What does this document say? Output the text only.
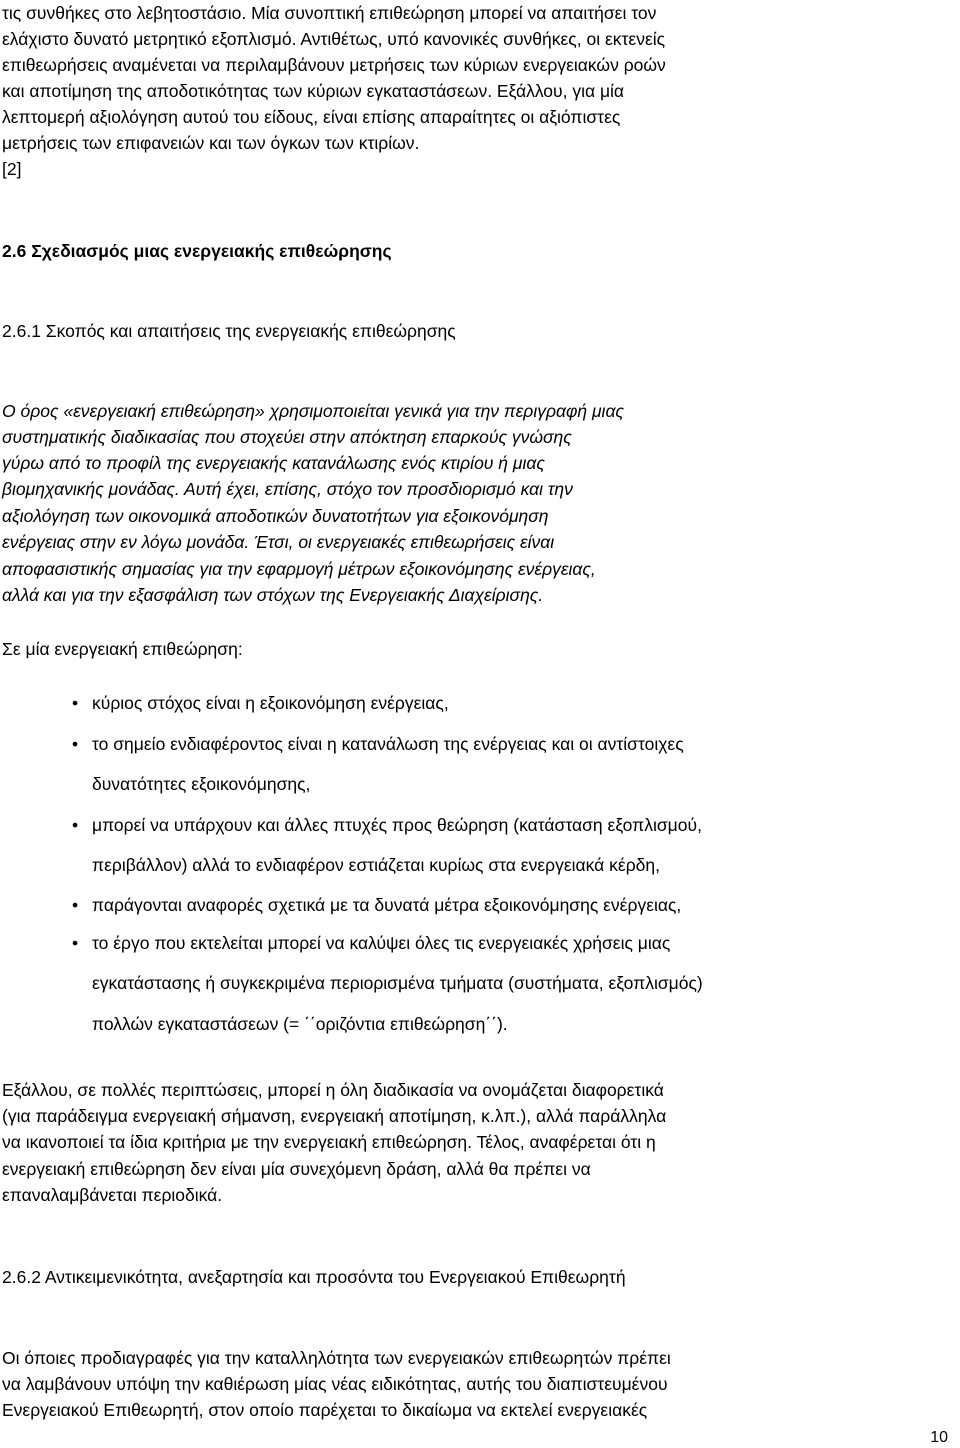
τις συνθήκες στο λεβητοστάσιο. Μία συνοπτική επιθεώρηση μπορεί να απαιτήσει τον
ελάχιστο δυνατό μετρητικό εξοπλισμό. Αντιθέτως, υπό κανονικές συνθήκες, οι εκτενείς
επιθεωρήσεις αναμένεται να περιλαμβάνουν μετρήσεις των κύριων ενεργειακών ροών
και αποτίμηση της αποδοτικότητας των κύριων εγκαταστάσεων. Εξάλλου, για μία
λεπτομερή αξιολόγηση αυτού του είδους, είναι επίσης απαραίτητες οι αξιόπιστες
μετρήσεις των επιφανειών και των όγκων των κτιρίων.
[2]
2.6 Σχεδιασμός μιας ενεργειακής επιθεώρησης
2.6.1 Σκοπός και απαιτήσεις της ενεργειακής επιθεώρησης
Ο όρος «ενεργειακή επιθεώρηση» χρησιμοποιείται γενικά για την περιγραφή μιας
συστηματικής διαδικασίας που στοχεύει στην απόκτηση επαρκούς γνώσης
γύρω από το προφίλ της ενεργειακής κατανάλωσης ενός κτιρίου ή μιας
βιομηχανικής μονάδας. Αυτή έχει, επίσης, στόχο τον προσδιορισμό και την
αξιολόγηση των οικονομικά αποδοτικών δυνατοτήτων για εξοικονόμηση
ενέργειας στην εν λόγω μονάδα. Έτσι, οι ενεργειακές επιθεωρήσεις είναι
αποφασιστικής σημασίας για την εφαρμογή μέτρων εξοικονόμησης ενέργειας,
αλλά και για την εξασφάλιση των στόχων της Ενεργειακής Διαχείρισης.
Σε μία ενεργειακή επιθεώρηση:
• κύριος στόχος είναι η εξοικονόμηση ενέργειας,
• το σημείο ενδιαφέροντος είναι η κατανάλωση της ενέργειας και οι αντίστοιχες
δυνατότητες εξοικονόμησης,
• μπορεί να υπάρχουν και άλλες πτυχές προς θεώρηση (κατάσταση εξοπλισμού,
περιβάλλον) αλλά το ενδιαφέρον εστιάζεται κυρίως στα ενεργειακά κέρδη,
• παράγονται αναφορές σχετικά με τα δυνατά μέτρα εξοικονόμησης ενέργειας,
• το έργο που εκτελείται μπορεί να καλύψει όλες τις ενεργειακές χρήσεις μιας
εγκατάστασης ή συγκεκριμένα περιορισμένα τμήματα (συστήματα, εξοπλισμός)
πολλών εγκαταστάσεων (= ΄΄οριζόντια επιθεώρηση΄΄).
Εξάλλου, σε πολλές περιπτώσεις, μπορεί η όλη διαδικασία να ονομάζεται διαφορετικά
(για παράδειγμα ενεργειακή σήμανση, ενεργειακή αποτίμηση, κ.λπ.), αλλά παράλληλα
να ικανοποιεί τα ίδια κριτήρια με την ενεργειακή επιθεώρηση. Τέλος, αναφέρεται ότι η
ενεργειακή επιθεώρηση δεν είναι μία συνεχόμενη δράση, αλλά θα πρέπει να
επαναλαμβάνεται περιοδικά.
2.6.2 Αντικειμενικότητα, ανεξαρτησία και προσόντα του Ενεργειακού Επιθεωρητή
Οι όποιες προδιαγραφές για την καταλληλότητα των ενεργειακών επιθεωρητών πρέπει
να λαμβάνουν υπόψη την καθιέρωση μίας νέας ειδικότητας, αυτής του διαπιστευμένου
Ενεργειακού Επιθεωρητή, στον οποίο παρέχεται το δικαίωμα να εκτελεί ενεργειακές
10
